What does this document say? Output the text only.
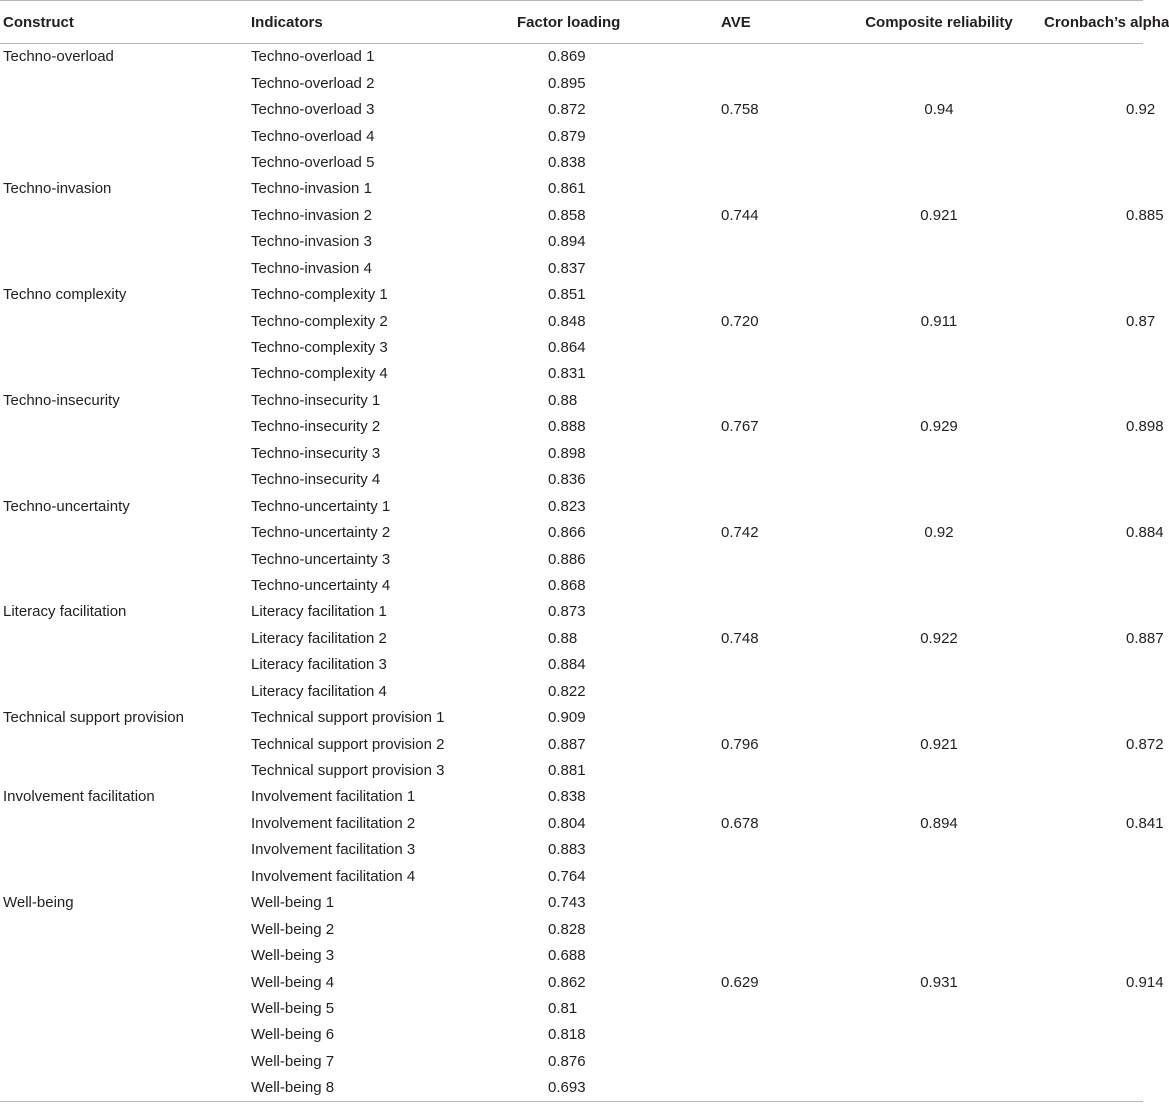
Construct	Indicators	Factor loading	AVE	Composite reliability	Cronbach’s alpha
Techno-overload	Techno-overload 1	0.869			
	Techno-overload 2	0.895			
	Techno-overload 3	0.872	0.758	0.94	0.92
	Techno-overload 4	0.879			
	Techno-overload 5	0.838			
Techno-invasion	Techno-invasion 1	0.861			
	Techno-invasion 2	0.858	0.744	0.921	0.885
	Techno-invasion 3	0.894			
	Techno-invasion 4	0.837			
Techno complexity	Techno-complexity 1	0.851			
	Techno-complexity 2	0.848	0.720	0.911	0.87
	Techno-complexity 3	0.864			
	Techno-complexity 4	0.831			
Techno-insecurity	Techno-insecurity 1	0.88			
	Techno-insecurity 2	0.888	0.767	0.929	0.898
	Techno-insecurity 3	0.898			
	Techno-insecurity 4	0.836			
Techno-uncertainty	Techno-uncertainty 1	0.823			
	Techno-uncertainty 2	0.866	0.742	0.92	0.884
	Techno-uncertainty 3	0.886			
	Techno-uncertainty 4	0.868			
Literacy facilitation	Literacy facilitation 1	0.873			
	Literacy facilitation 2	0.88	0.748	0.922	0.887
	Literacy facilitation 3	0.884			
	Literacy facilitation 4	0.822			
Technical support provision	Technical support provision 1	0.909			
	Technical support provision 2	0.887	0.796	0.921	0.872
	Technical support provision 3	0.881			
Involvement facilitation	Involvement facilitation 1	0.838			
	Involvement facilitation 2	0.804	0.678	0.894	0.841
	Involvement facilitation 3	0.883			
	Involvement facilitation 4	0.764			
Well-being	Well-being 1	0.743			
	Well-being 2	0.828			
	Well-being 3	0.688			
	Well-being 4	0.862	0.629	0.931	0.914
	Well-being 5	0.81			
	Well-being 6	0.818			
	Well-being 7	0.876			
	Well-being 8	0.693			
